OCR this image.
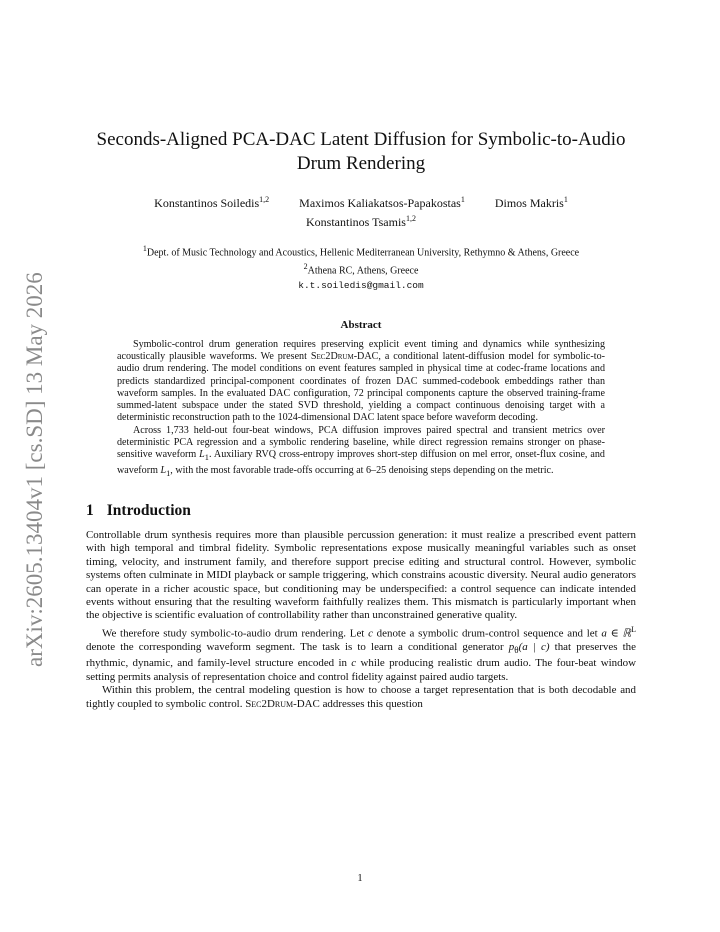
arXiv:2605.13404v1 [cs.SD] 13 May 2026
Seconds-Aligned PCA-DAC Latent Diffusion for Symbolic-to-Audio Drum Rendering
Konstantinos Soiledis$^{1,2}$	Maximos Kaliakatsos-Papakostas$^1$	Dimos Makris$^1$
Konstantinos Tsamis$^{1,2}$
$^1$Dept. of Music Technology and Acoustics, Hellenic Mediterranean University, Rethymno & Athens, Greece
$^2$Athena RC, Athens, Greece
k.t.soiledis@gmail.com
Abstract

Symbolic-control drum generation requires preserving explicit event timing and dynamics while synthesizing acoustically plausible waveforms. We present Sec2Drum-DAC, a conditional latent-diffusion model for symbolic-to-audio drum rendering. The model conditions on event features sampled in physical time at codec-frame locations and predicts standardized principal-component coordinates of frozen DAC summed-codebook embeddings rather than waveform samples. In the evaluated DAC configuration, 72 principal components capture the observed training-frame summed-latent subspace under the stated SVD threshold, yielding a compact continuous denoising target with a deterministic reconstruction path to the 1024-dimensional DAC latent space before waveform decoding.

Across 1,733 held-out four-beat windows, PCA diffusion improves paired spectral and transient metrics over deterministic PCA regression and a symbolic rendering baseline, while direct regression remains stronger on phase-sensitive waveform $L_1$. Auxiliary RVQ cross-entropy improves short-step diffusion on mel error, onset-flux cosine, and waveform $L_1$, with the most favorable trade-offs occurring at 6–25 denoising steps depending on the metric.

1 Introduction

Controllable drum synthesis requires more than plausible percussion generation: it must realize a prescribed event pattern with high temporal and timbral fidelity. Symbolic representations expose musically meaningful variables such as onset timing, velocity, and instrument family, and therefore support precise editing and structural control. However, symbolic systems often culminate in MIDI playback or sample triggering, which constrains acoustic diversity. Neural audio generators can operate in a richer acoustic space, but conditioning may be underspecified: a control sequence can indicate intended events without ensuring that the resulting waveform faithfully realizes them. This mismatch is particularly important when the objective is scientific evaluation of controllability rather than unconstrained generative quality.

We therefore study symbolic-to-audio drum rendering. Let c denote a symbolic drum-control sequence and let a ∈ ℝ$^L$ denote the corresponding waveform segment. The task is to learn a conditional generator $p_\theta(a$ | c) that preserves the rhythmic, dynamic, and family-level structure encoded in c while producing realistic drum audio. The four-beat window setting permits analysis of representation choice and control fidelity against paired audio targets.

Within this problem, the central modeling question is how to choose a target representation that is both decodable and tightly coupled to symbolic control. Sec2Drum-DAC addresses this question

1
